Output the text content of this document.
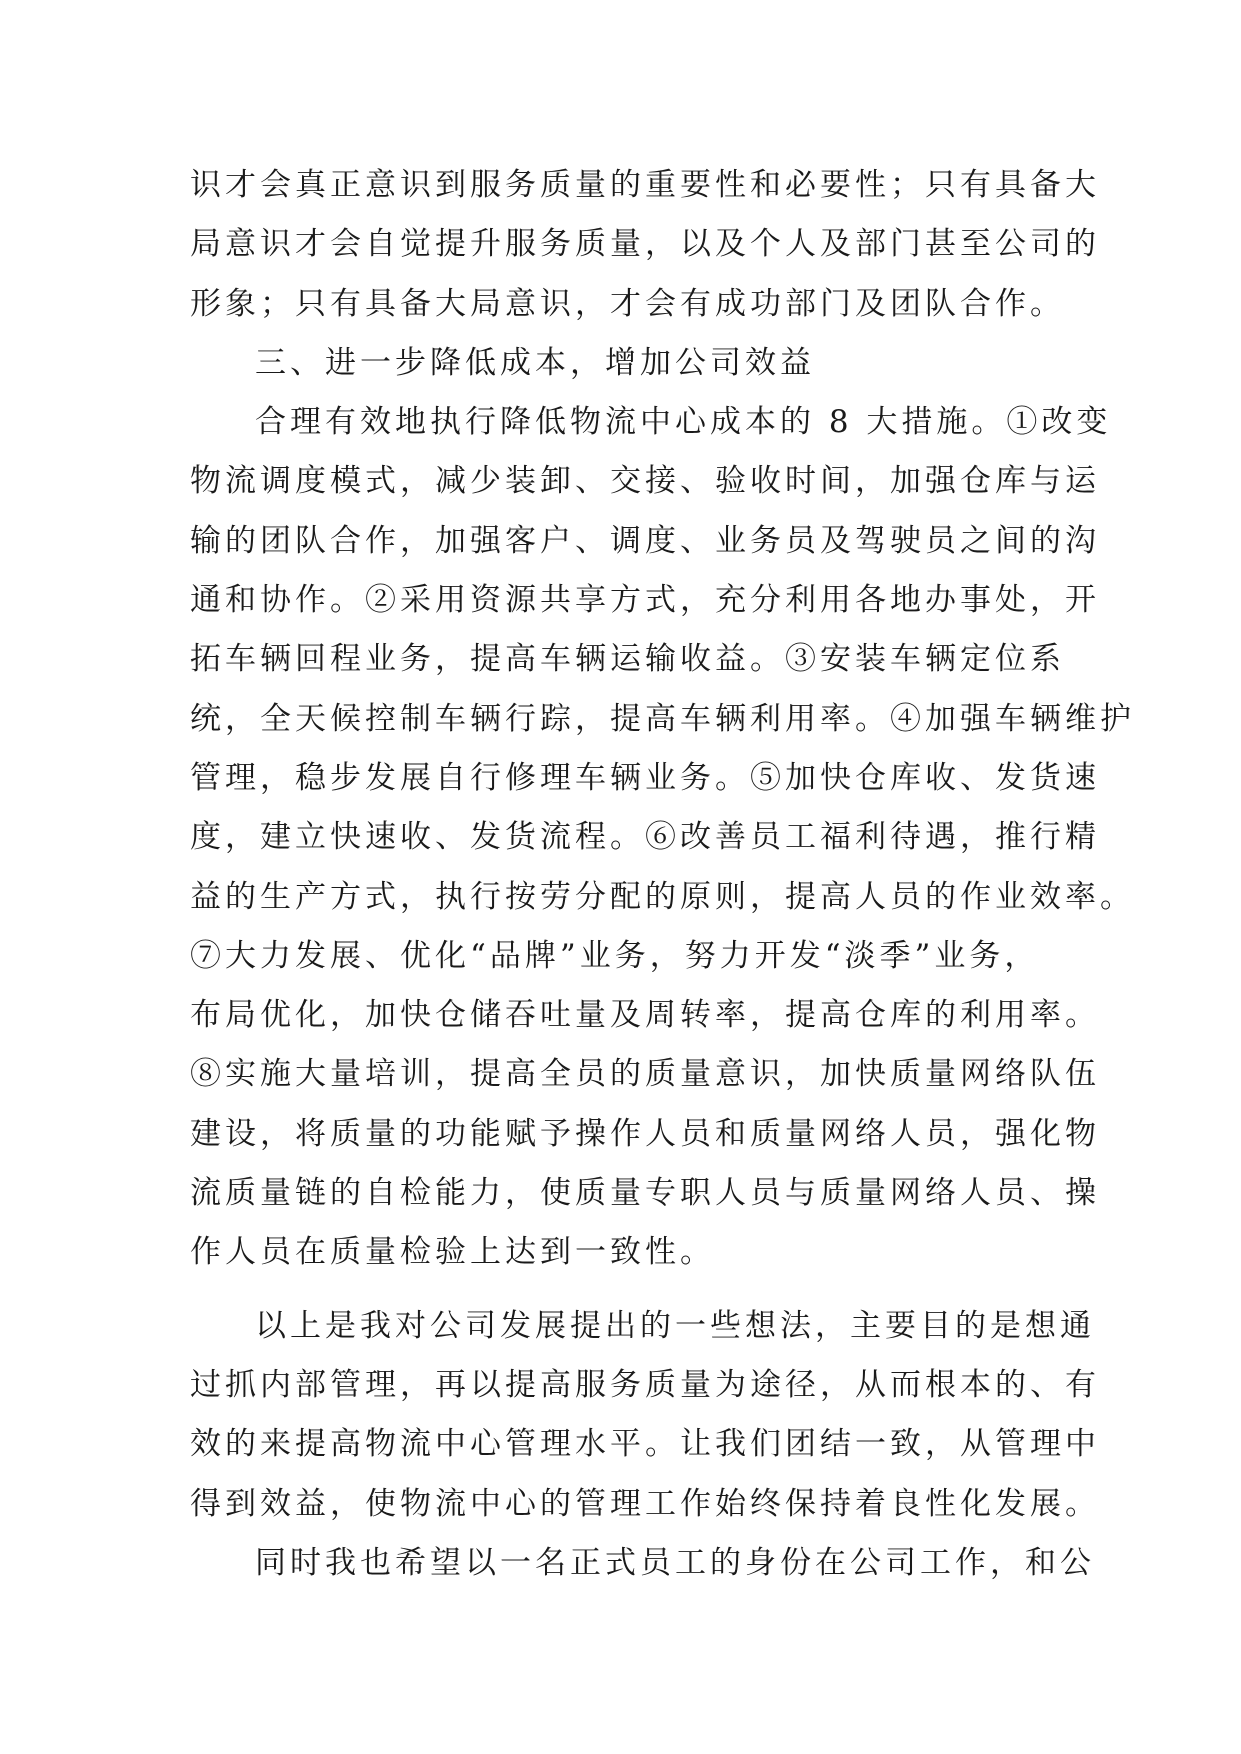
识才会真正意识到服务质量的重要性和必要性；只有具备大
局意识才会自觉提升服务质量，以及个人及部门甚至公司的
形象；只有具备大局意识，才会有成功部门及团队合作。
三、进一步降低成本，增加公司效益
合理有效地执行降低物流中心成本的 8 大措施。①改变
物流调度模式，减少装卸、交接、验收时间，加强仓库与运
输的团队合作，加强客户、调度、业务员及驾驶员之间的沟
通和协作。②采用资源共享方式，充分利用各地办事处，开
拓车辆回程业务，提高车辆运输收益。③安装车辆定位系
统，全天候控制车辆行踪，提高车辆利用率。④加强车辆维护
管理，稳步发展自行修理车辆业务。⑤加快仓库收、发货速
度，建立快速收、发货流程。⑥改善员工福利待遇，推行精
益的生产方式，执行按劳分配的原则，提高人员的作业效率。
⑦大力发展、优化“品牌”业务，努力开发“淡季”业务，
布局优化，加快仓储吞吐量及周转率，提高仓库的利用率。
⑧实施大量培训，提高全员的质量意识，加快质量网络队伍
建设，将质量的功能赋予操作人员和质量网络人员，强化物
流质量链的自检能力，使质量专职人员与质量网络人员、操
作人员在质量检验上达到一致性。
以上是我对公司发展提出的一些想法，主要目的是想通
过抓内部管理，再以提高服务质量为途径，从而根本的、有
效的来提高物流中心管理水平。让我们团结一致，从管理中
得到效益，使物流中心的管理工作始终保持着良性化发展。
同时我也希望以一名正式员工的身份在公司工作，和公
